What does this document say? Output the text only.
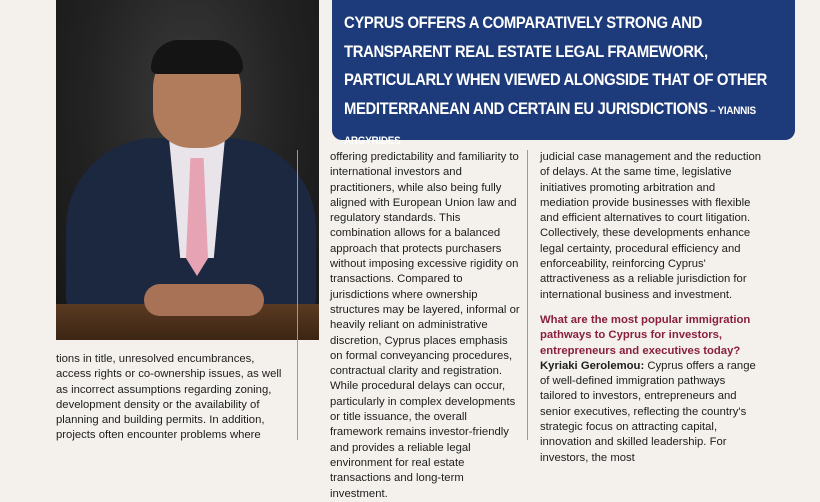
CYPRUS OFFERS A COMPARATIVELY STRONG AND TRANSPARENT REAL ESTATE LEGAL FRAMEWORK, PARTICULARLY WHEN VIEWED ALONGSIDE THAT OF OTHER MEDITERRANEAN AND CERTAIN EU JURISDICTIONS – YIANNIS ARGYRIDES

tions in title, unresolved encumbrances, access rights or co-ownership issues, as well as incorrect assumptions regarding zoning, development density or the availability of planning and building permits. In addition, projects often encounter problems where

offering predictability and familiarity to international investors and practitioners, while also being fully aligned with European Union law and regulatory standards. This combination allows for a balanced approach that protects purchasers without imposing excessive rigidity on transactions. Compared to jurisdictions where ownership structures may be layered, informal or heavily reliant on administrative discretion, Cyprus places emphasis on formal conveyancing procedures, contractual clarity and registration. While procedural delays can occur, particularly in complex developments or title issuance, the overall framework remains investor-friendly and provides a reliable legal environment for real estate transactions and long-term investment.

judicial case management and the reduction of delays. At the same time, legislative initiatives promoting arbitration and mediation provide businesses with flexible and efficient alternatives to court litigation. Collectively, these developments enhance legal certainty, procedural efficiency and enforceability, reinforcing Cyprus' attractiveness as a reliable jurisdiction for international business and investment.

What are the most popular immigration pathways to Cyprus for investors, entrepreneurs and executives today?

Kyriaki Gerolemou: Cyprus offers a range of well-defined immigration pathways tailored to investors, entrepreneurs and senior executives, reflecting the country's strategic focus on attracting capital, innovation and skilled leadership. For investors, the most
